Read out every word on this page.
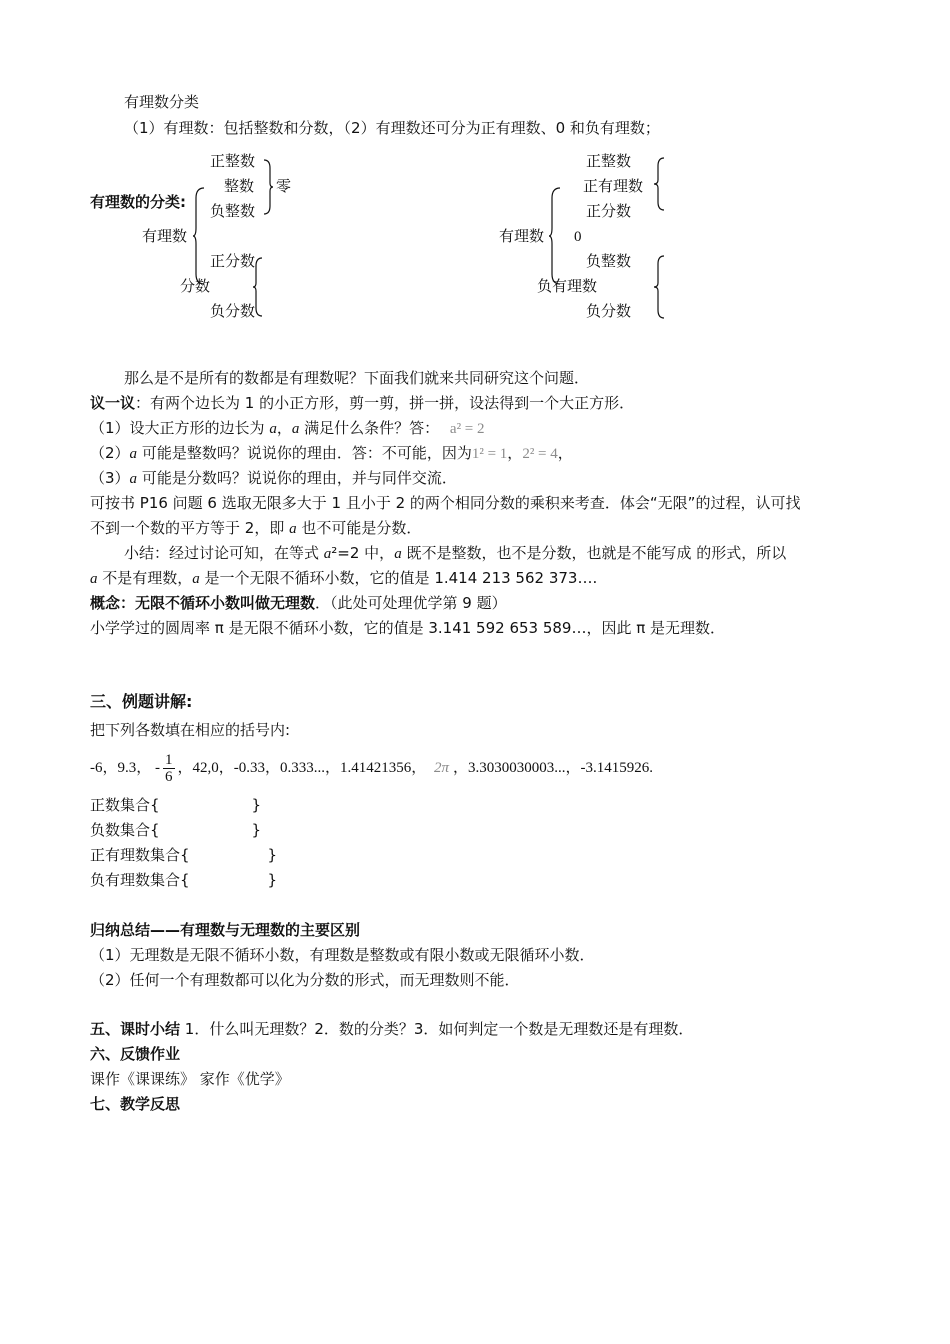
有理数分类
（1）有理数：包括整数和分数，（2）有理数还可分为正有理数、0 和负有理数；
有理数的分类:
有理数
正整数
整数 零
负整数
分数
正分数
负分数
有理数
正整数
正有理数
正分数
0
负整数
负有理数
负分数
那么是不是所有的数都是有理数呢？下面我们就来共同研究这个问题．
议一议：有两个边长为 1 的小正方形，剪一剪，拼一拼，设法得到一个大正方形．
（1）设大正方形的边长为 a，a 满足什么条件？答： a² = 2
（2）a 可能是整数吗？说说你的理由．答：不可能，因为1² = 1，2² = 4，
（3）a 可能是分数吗？说说你的理由，并与同伴交流．
可按书 P16 问题 6 选取无限多大于 1 且小于 2 的两个相同分数的乘积来考查．体会“无限”的过程，认可找
不到一个数的平方等于 2，即 a 也不可能是分数．
小结：经过讨论可知，在等式 a²=2 中，a 既不是整数，也不是分数，也就是不能写成 的形式，所以
a 不是有理数，a 是一个无限不循环小数，它的值是 1.414 213 562 373….
概念：无限不循环小数叫做无理数．（此处可处理优学第 9 题）
小学学过的圆周率 π 是无限不循环小数，它的值是 3.141 592 653 589…，因此 π 是无理数．
三、例题讲解:
把下列各数填在相应的括号内:
-6，9.3， - $\frac{1}{6}$ ，42,0，-0.33，0.333...，1.41421356， 2π ，3.3030030003...，-3.1415926.
正数集合{	}
负数集合{	}
正有理数集合{	}
负有理数集合{	}
归纳总结——有理数与无理数的主要区别
（1）无理数是无限不循环小数，有理数是整数或有限小数或无限循环小数．
（2）任何一个有理数都可以化为分数的形式，而无理数则不能．
五、课时小结 1．什么叫无理数？2．数的分类？3．如何判定一个数是无理数还是有理数．
六、反馈作业
课作《课课练》 家作《优学》
七、教学反思
